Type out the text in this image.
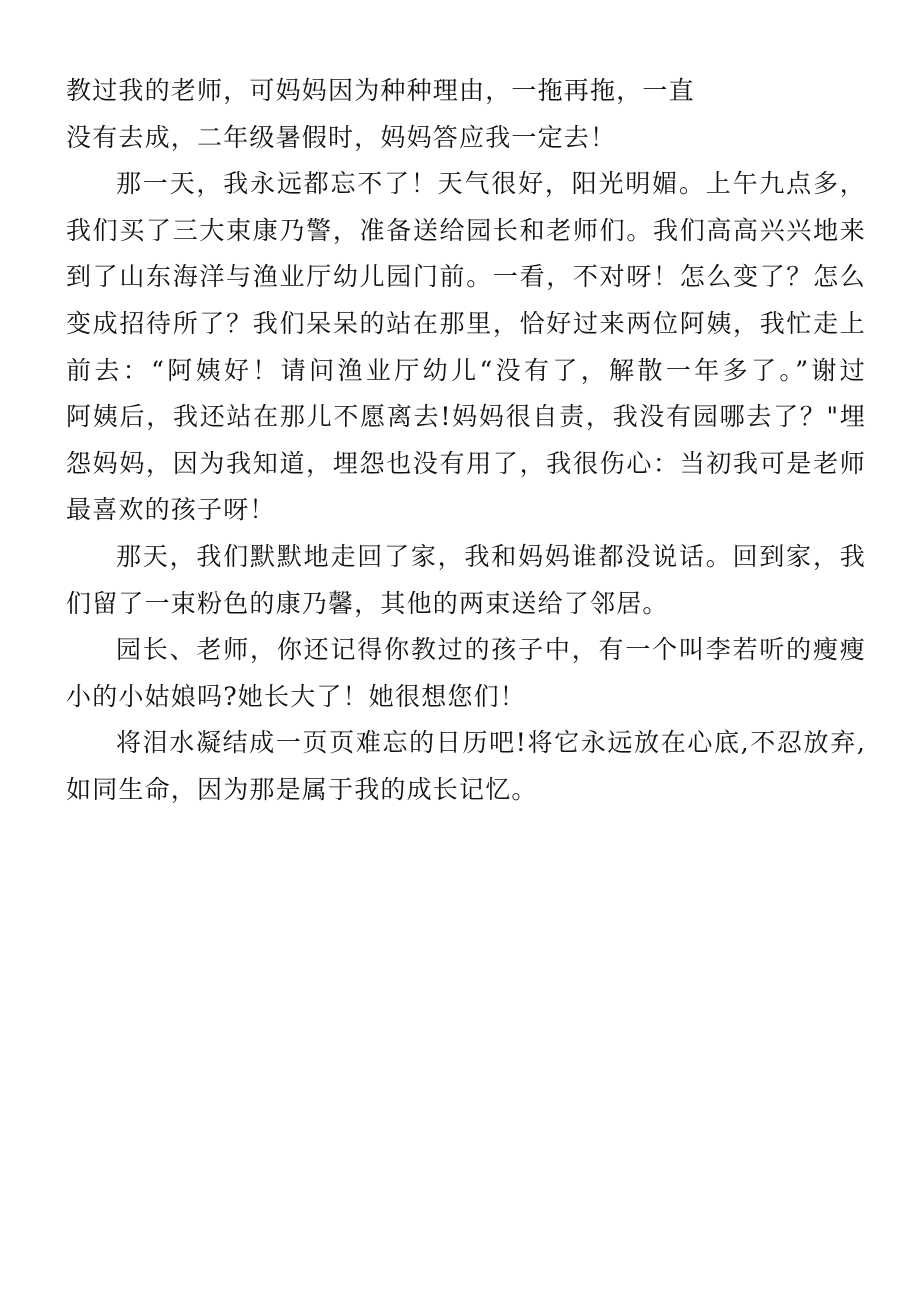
教过我的老师，可妈妈因为种种理由，一拖再拖，一直
没有去成，二年级暑假时，妈妈答应我一定去！
那一天，我永远都忘不了！天气很好，阳光明媚。上午九点多，
我们买了三大束康乃警，准备送给园长和老师们。我们高高兴兴地来
到了山东海洋与渔业厅幼儿园门前。一看，不对呀！怎么变了？怎么
变成招待所了？我们呆呆的站在那里，恰好过来两位阿姨，我忙走上
前去：“阿姨好！请问渔业厅幼儿“没有了，解散一年多了。”谢过
阿姨后，我还站在那儿不愿离去!妈妈很自责，我没有园哪去了？"埋
怨妈妈，因为我知道，埋怨也没有用了，我很伤心：当初我可是老师
最喜欢的孩子呀！
那天，我们默默地走回了家，我和妈妈谁都没说话。回到家，我
们留了一束粉色的康乃馨，其他的两束送给了邻居。
园长、老师，你还记得你教过的孩子中，有一个叫李若听的瘦瘦
小的小姑娘吗?她长大了！她很想您们！
将泪水凝结成一页页难忘的日历吧!将它永远放在心底,不忍放弃,
如同生命，因为那是属于我的成长记忆。
